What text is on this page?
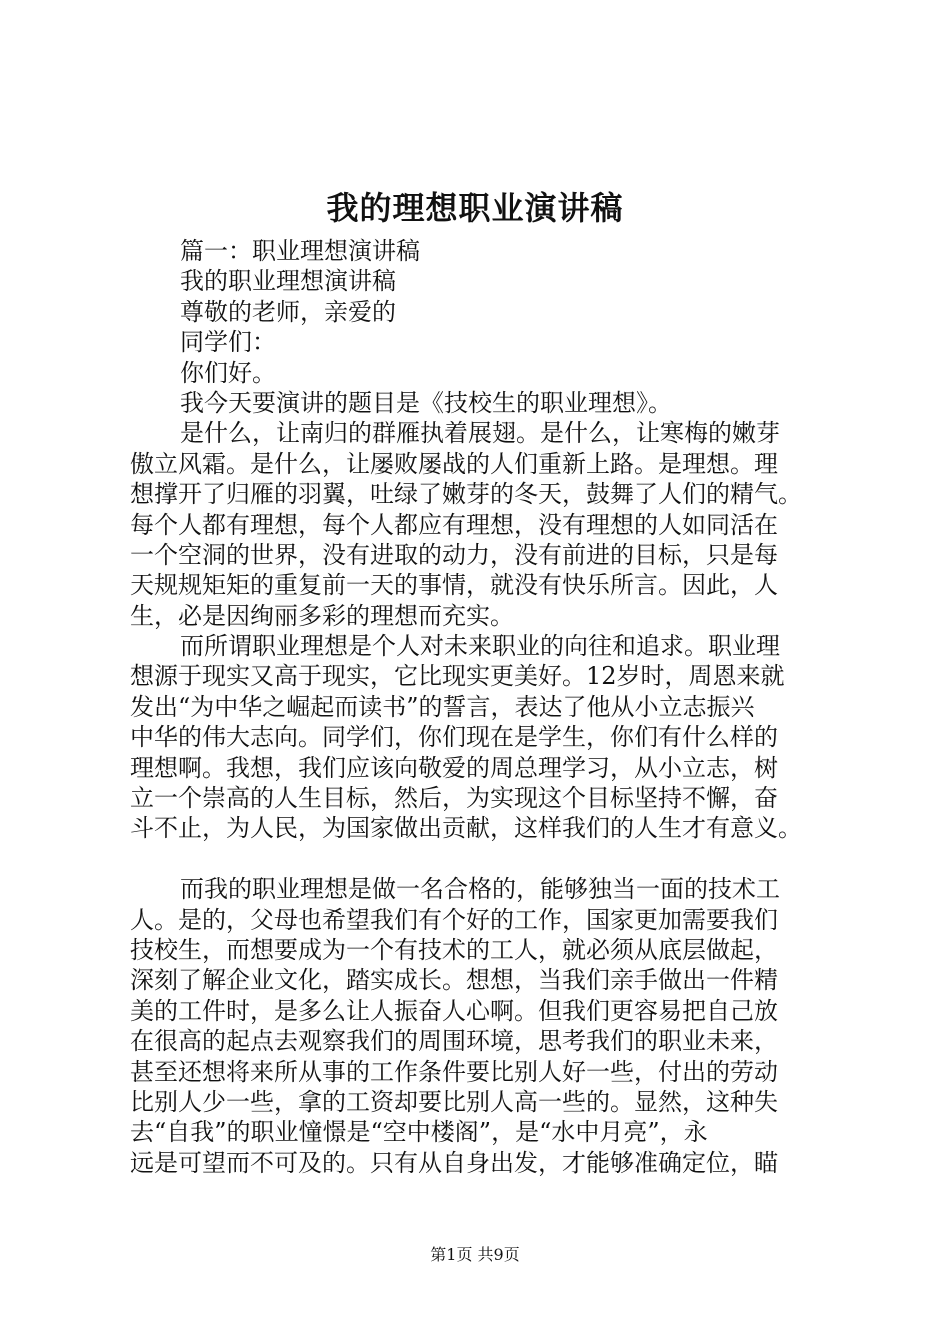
我的理想职业演讲稿
篇一：职业理想演讲稿
我的职业理想演讲稿
尊敬的老师，亲爱的
同学们：
你们好。
我今天要演讲的题目是《技校生的职业理想》。
是什么，让南归的群雁执着展翅。是什么，让寒梅的嫩芽
傲立风霜。是什么，让屡败屡战的人们重新上路。是理想。理
想撑开了归雁的羽翼，吐绿了嫩芽的冬天，鼓舞了人们的精气。
每个人都有理想，每个人都应有理想，没有理想的人如同活在
一个空洞的世界，没有进取的动力，没有前进的目标，只是每
天规规矩矩的重复前一天的事情，就没有快乐所言。因此，人
生，必是因绚丽多彩的理想而充实。
而所谓职业理想是个人对未来职业的向往和追求。职业理
想源于现实又高于现实，它比现实更美好。12岁时，周恩来就
发出“为中华之崛起而读书”的誓言，表达了他从小立志振兴
中华的伟大志向。同学们，你们现在是学生，你们有什么样的
理想啊。我想，我们应该向敬爱的周总理学习，从小立志，树
立一个崇高的人生目标，然后，为实现这个目标坚持不懈，奋
斗不止，为人民，为国家做出贡献，这样我们的人生才有意义。
而我的职业理想是做一名合格的，能够独当一面的技术工
人。是的，父母也希望我们有个好的工作，国家更加需要我们
技校生，而想要成为一个有技术的工人，就必须从底层做起，
深刻了解企业文化，踏实成长。想想，当我们亲手做出一件精
美的工件时，是多么让人振奋人心啊。但我们更容易把自己放
在很高的起点去观察我们的周围环境，思考我们的职业未来，
甚至还想将来所从事的工作条件要比别人好一些，付出的劳动
比别人少一些，拿的工资却要比别人高一些的。显然，这种失
去“自我”的职业憧憬是“空中楼阁”，是“水中月亮”，永
远是可望而不可及的。只有从自身出发，才能够准确定位，瞄
第1页 共9页
